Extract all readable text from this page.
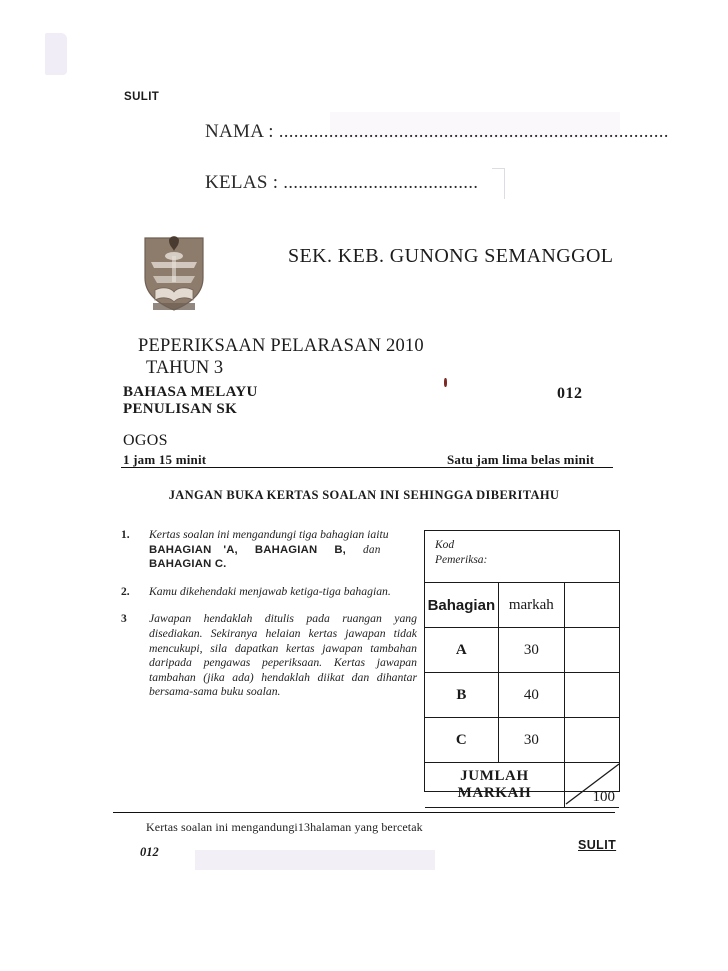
SULIT
NAMA : ..............................................................................
KELAS : .......................................
SEK. KEB. GUNONG SEMANGGOL
PEPERIKSAAN PELARASAN 2010
TAHUN 3
BAHASA MELAYU
PENULISAN SK
012
OGOS
1 jam 15 minit	Satu jam lima belas minit
JANGAN BUKA KERTAS SOALAN INI SEHINGGA DIBERITAHU
1. Kertas soalan ini mengandungi tiga bahagian iaitu
BAHAGIAN 'A, BAHAGIAN B, dan
BAHAGIAN C.
2. Kamu dikehendaki menjawab ketiga-tiga bahagian.
3 Jawapan hendaklah ditulis pada ruangan yang disediakan. Sekiranya helaian kertas jawapan tidak mencukupi, sila dapatkan kertas jawapan tambahan daripada pengawas peperiksaan. Kertas jawapan tambahan (jika ada) hendaklah diikat dan dihantar bersama-sama buku soalan.
Kod
Pemeriksa:
Bahagian	markah	
A	30	
B	40	
C	30	
JUMLAH MARKAH		100
Kertas soalan ini mengandungi13halaman yang bercetak
012	SULIT
